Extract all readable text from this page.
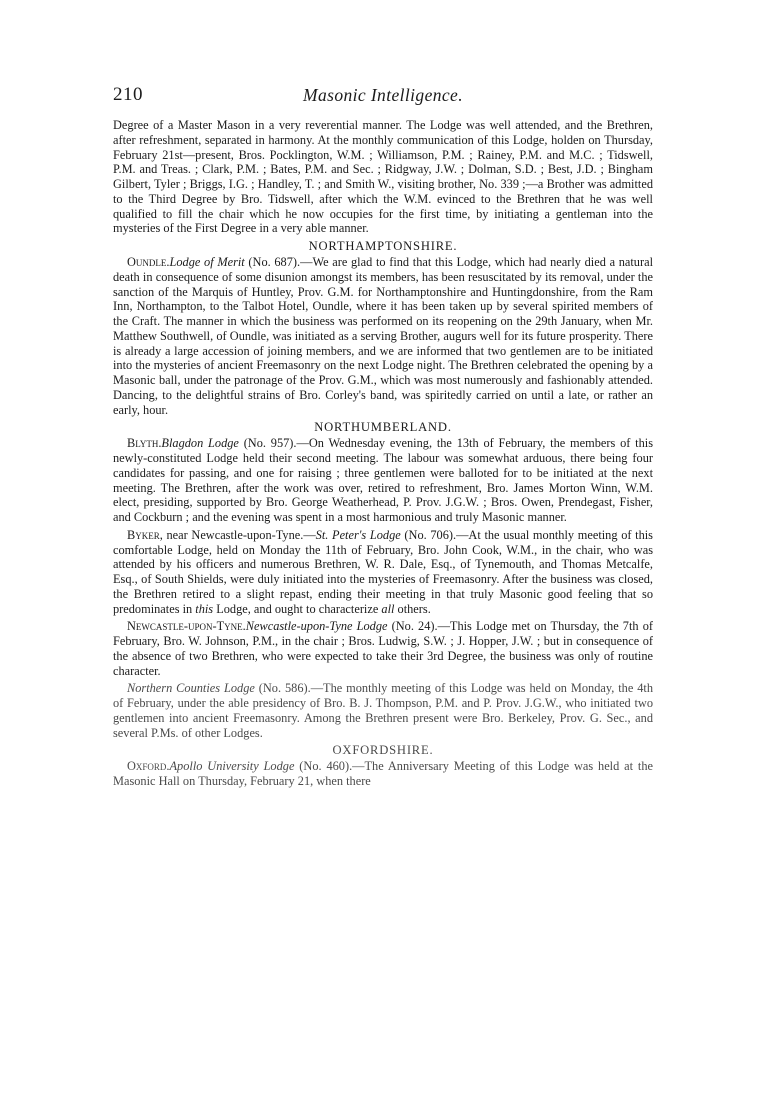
210	Masonic Intelligence.

Degree of a Master Mason in a very reverential manner. The Lodge was well attended, and the Brethren, after refreshment, separated in harmony. At the monthly communication of this Lodge, holden on Thursday, February 21st—present, Bros. Pocklington, W.M. ; Williamson, P.M. ; Rainey, P.M. and M.C. ; Tidswell, P.M. and Treas. ; Clark, P.M. ; Bates, P.M. and Sec. ; Ridgway, J.W. ; Dolman, S.D. ; Best, J.D. ; Bingham Gilbert, Tyler ; Briggs, I.G. ; Handley, T. ; and Smith W., visiting brother, No. 339 ;—a Brother was admitted to the Third Degree by Bro. Tidswell, after which the W.M. evinced to the Brethren that he was well qualified to fill the chair which he now occupies for the first time, by initiating a gentleman into the mysteries of the First Degree in a very able manner.

NORTHAMPTONSHIRE.

Oundle.Lodge of Merit (No. 687).—We are glad to find that this Lodge, which had nearly died a natural death in consequence of some disunion amongst its members, has been resuscitated by its removal, under the sanction of the Marquis of Huntley, Prov. G.M. for Northamptonshire and Huntingdonshire, from the Ram Inn, Northampton, to the Talbot Hotel, Oundle, where it has been taken up by several spirited members of the Craft. The manner in which the business was performed on its reopening on the 29th January, when Mr. Matthew Southwell, of Oundle, was initiated as a serving Brother, augurs well for its future prosperity. There is already a large accession of joining members, and we are informed that two gentlemen are to be initiated into the mysteries of ancient Freemasonry on the next Lodge night. The Brethren celebrated the opening by a Masonic ball, under the patronage of the Prov. G.M., which was most numerously and fashionably attended. Dancing, to the delightful strains of Bro. Corley's band, was spiritedly carried on until a late, or rather an early, hour.

NORTHUMBERLAND.

Blyth.Blagdon Lodge (No. 957).—On Wednesday evening, the 13th of February, the members of this newly-constituted Lodge held their second meeting. The labour was somewhat arduous, there being four candidates for passing, and one for raising ; three gentlemen were balloted for to be initiated at the next meeting. The Brethren, after the work was over, retired to refreshment, Bro. James Morton Winn, W.M. elect, presiding, supported by Bro. George Weatherhead, P. Prov. J.G.W. ; Bros. Owen, Prendegast, Fisher, and Cockburn ; and the evening was spent in a most harmonious and truly Masonic manner.

Byker, near Newcastle-upon-Tyne.—St. Peter's Lodge (No. 706).—At the usual monthly meeting of this comfortable Lodge, held on Monday the 11th of February, Bro. John Cook, W.M., in the chair, who was attended by his officers and numerous Brethren, W. R. Dale, Esq., of Tynemouth, and Thomas Metcalfe, Esq., of South Shields, were duly initiated into the mysteries of Freemasonry. After the business was closed, the Brethren retired to a slight repast, ending their meeting in that truly Masonic good feeling that so predominates in this Lodge, and ought to characterize all others.

Newcastle-upon-Tyne.Newcastle-upon-Tyne Lodge (No. 24).—This Lodge met on Thursday, the 7th of February, Bro. W. Johnson, P.M., in the chair ; Bros. Ludwig, S.W. ; J. Hopper, J.W. ; but in consequence of the absence of two Brethren, who were expected to take their 3rd Degree, the business was only of routine character.

Northern Counties Lodge (No. 586).—The monthly meeting of this Lodge was held on Monday, the 4th of February, under the able presidency of Bro. B. J. Thompson, P.M. and P. Prov. J.G.W., who initiated two gentlemen into ancient Freemasonry. Among the Brethren present were Bro. Berkeley, Prov. G. Sec., and several P.Ms. of other Lodges.

OXFORDSHIRE.

Oxford.Apollo University Lodge (No. 460).—The Anniversary Meeting of this Lodge was held at the Masonic Hall on Thursday, February 21, when there
